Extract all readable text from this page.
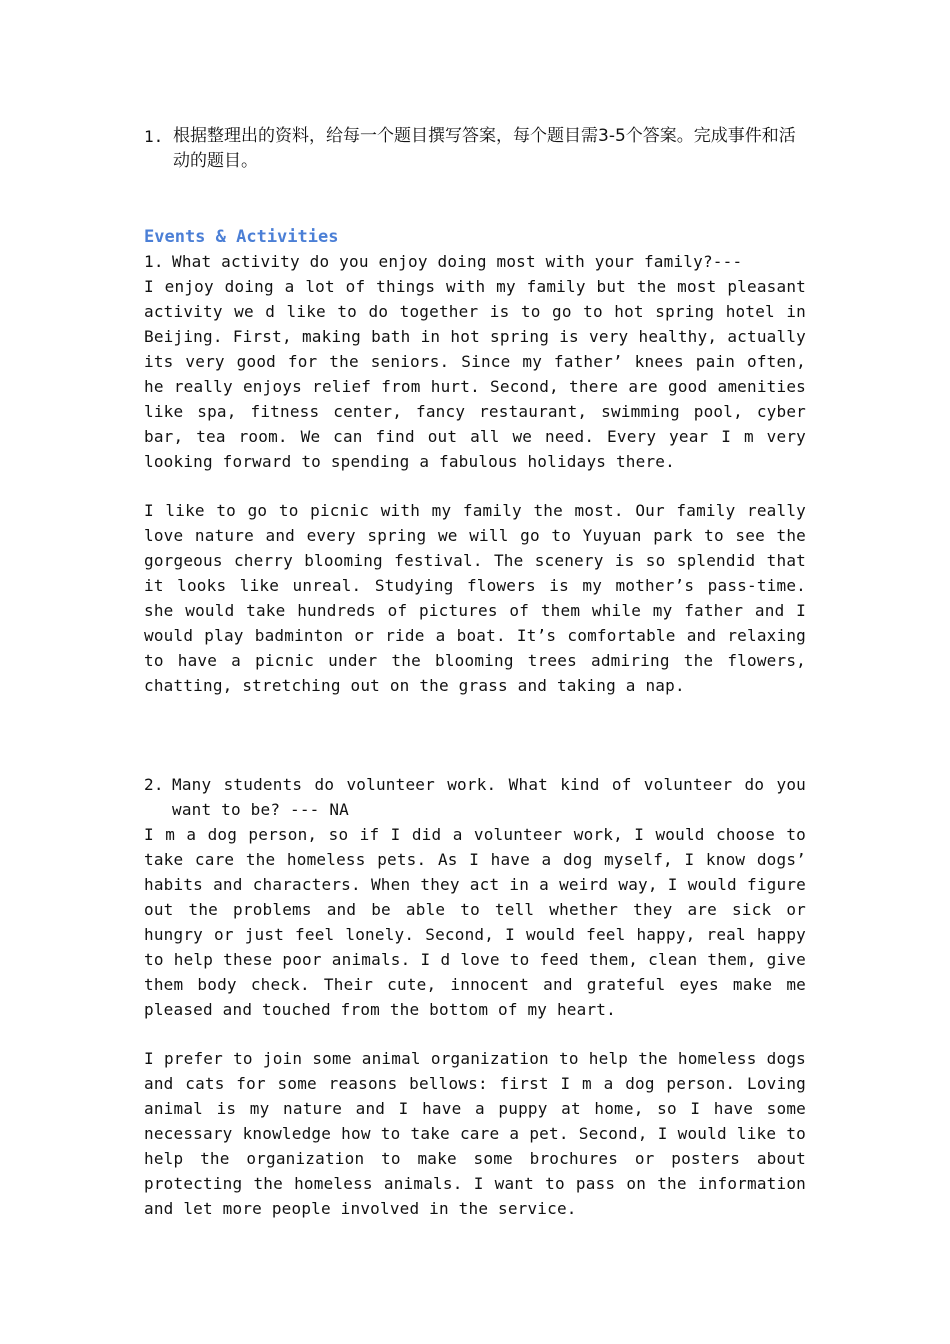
1. 根据整理出的资料，给每一个题目撰写答案，每个题目需3-5个答案。完成事件和活动的题目。
Events & Activities
1. What activity do you enjoy doing most with your family?---
I enjoy doing a lot of things with my family but the most pleasant activity we d like to do together is to go to hot spring hotel in Beijing. First, making bath in hot spring is very healthy, actually its very good for the seniors. Since my father’ knees pain often, he really enjoys relief from hurt. Second, there are good amenities like spa, fitness center, fancy restaurant, swimming pool, cyber bar, tea room. We can find out all we need. Every year I m very looking forward to spending a fabulous holidays there.
I like to go to picnic with my family the most. Our family really love nature and every spring we will go to Yuyuan park to see the gorgeous cherry blooming festival. The scenery is so splendid that it looks like unreal. Studying flowers is my mother’s pass-time. she would take hundreds of pictures of them while my father and I would play badminton or ride a boat. It’s comfortable and relaxing to have a picnic under the blooming trees admiring the flowers, chatting, stretching out on the grass and taking a nap.
2. Many students do volunteer work. What kind of volunteer do you want to be? --- NA
I m a dog person, so if I did a volunteer work, I would choose to take care the homeless pets. As I have a dog myself, I know dogs’ habits and characters. When they act in a weird way, I would figure out the problems and be able to tell whether they are sick or hungry or just feel lonely. Second, I would feel happy, real happy to help these poor animals. I d love to feed them, clean them, give them body check. Their cute, innocent and grateful eyes make me pleased and touched from the bottom of my heart.
I prefer to join some animal organization to help the homeless dogs and cats for some reasons bellows: first I m a dog person. Loving animal is my nature and I have a puppy at home, so I have some necessary knowledge how to take care a pet. Second, I would like to help the organization to make some brochures or posters about protecting the homeless animals. I want to pass on the information and let more people involved in the service.
